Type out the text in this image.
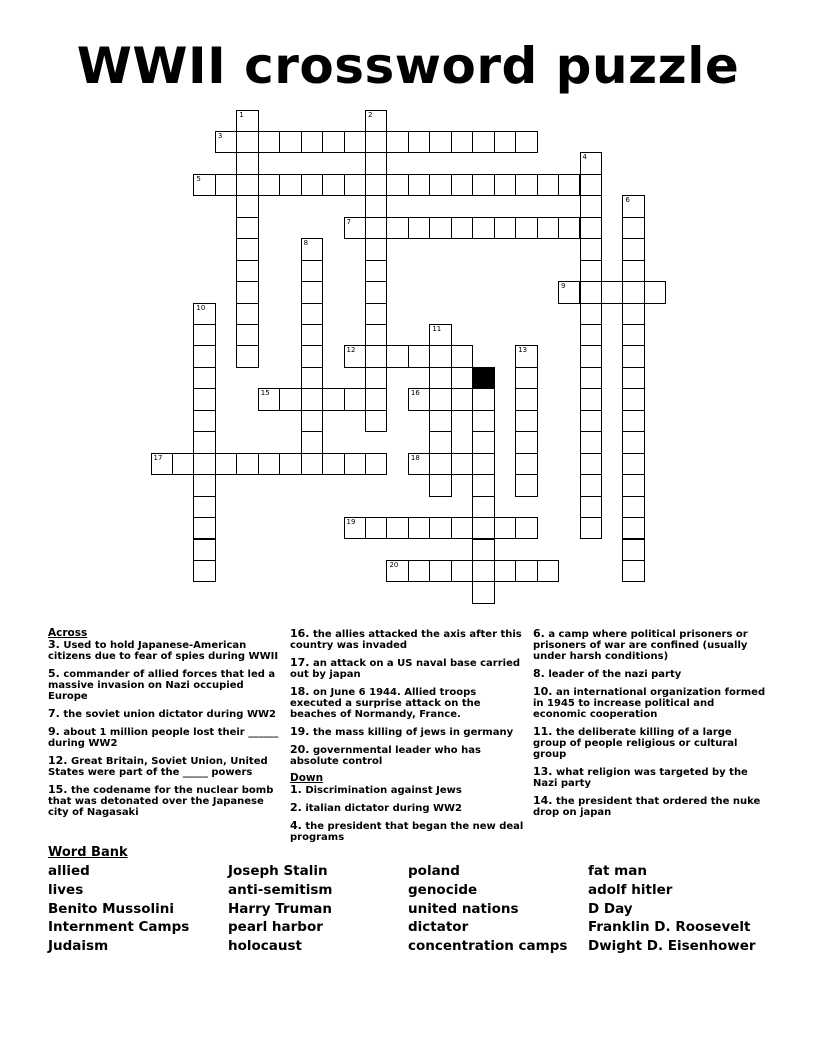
WWII crossword puzzle
3
5
7
9
12
15	16
17	18
19
20
1	2
4
6
8
10
11
13
14
Across
3. Used to hold Japanese-American citizens due to fear of spies during WWII
5. commander of allied forces that led a massive invasion on Nazi occupied Europe
7. the soviet union dictator during WW2
9. about 1 million people lost their ______ during WW2
12. Great Britain, Soviet Union, United States were part of the _____ powers
15. the codename for the nuclear bomb that was detonated over the Japanese city of Nagasaki
16. the allies attacked the axis after this country was invaded
17. an attack on a US naval base carried out by japan
18. on June 6 1944. Allied troops executed a surprise attack on the beaches of Normandy, France.
19. the mass killing of jews in germany
20. governmental leader who has absolute control
Down
1. Discrimination against Jews
2. italian dictator during WW2
4. the president that began the new deal programs
6. a camp where political prisoners or prisoners of war are confined (usually under harsh conditions)
8. leader of the nazi party
10. an international organization formed in 1945 to increase political and economic cooperation
11. the deliberate killing of a large group of people religious or cultural group
13. what religion was targeted by the Nazi party
14. the president that ordered the nuke drop on japan
Word Bank
allied
lives
Benito Mussolini
Internment Camps
Judaism
Joseph Stalin
anti-semitism
Harry Truman
pearl harbor
holocaust
poland
genocide
united nations
dictator
concentration camps
fat man
adolf hitler
D Day
Franklin D. Roosevelt
Dwight D. Eisenhower
